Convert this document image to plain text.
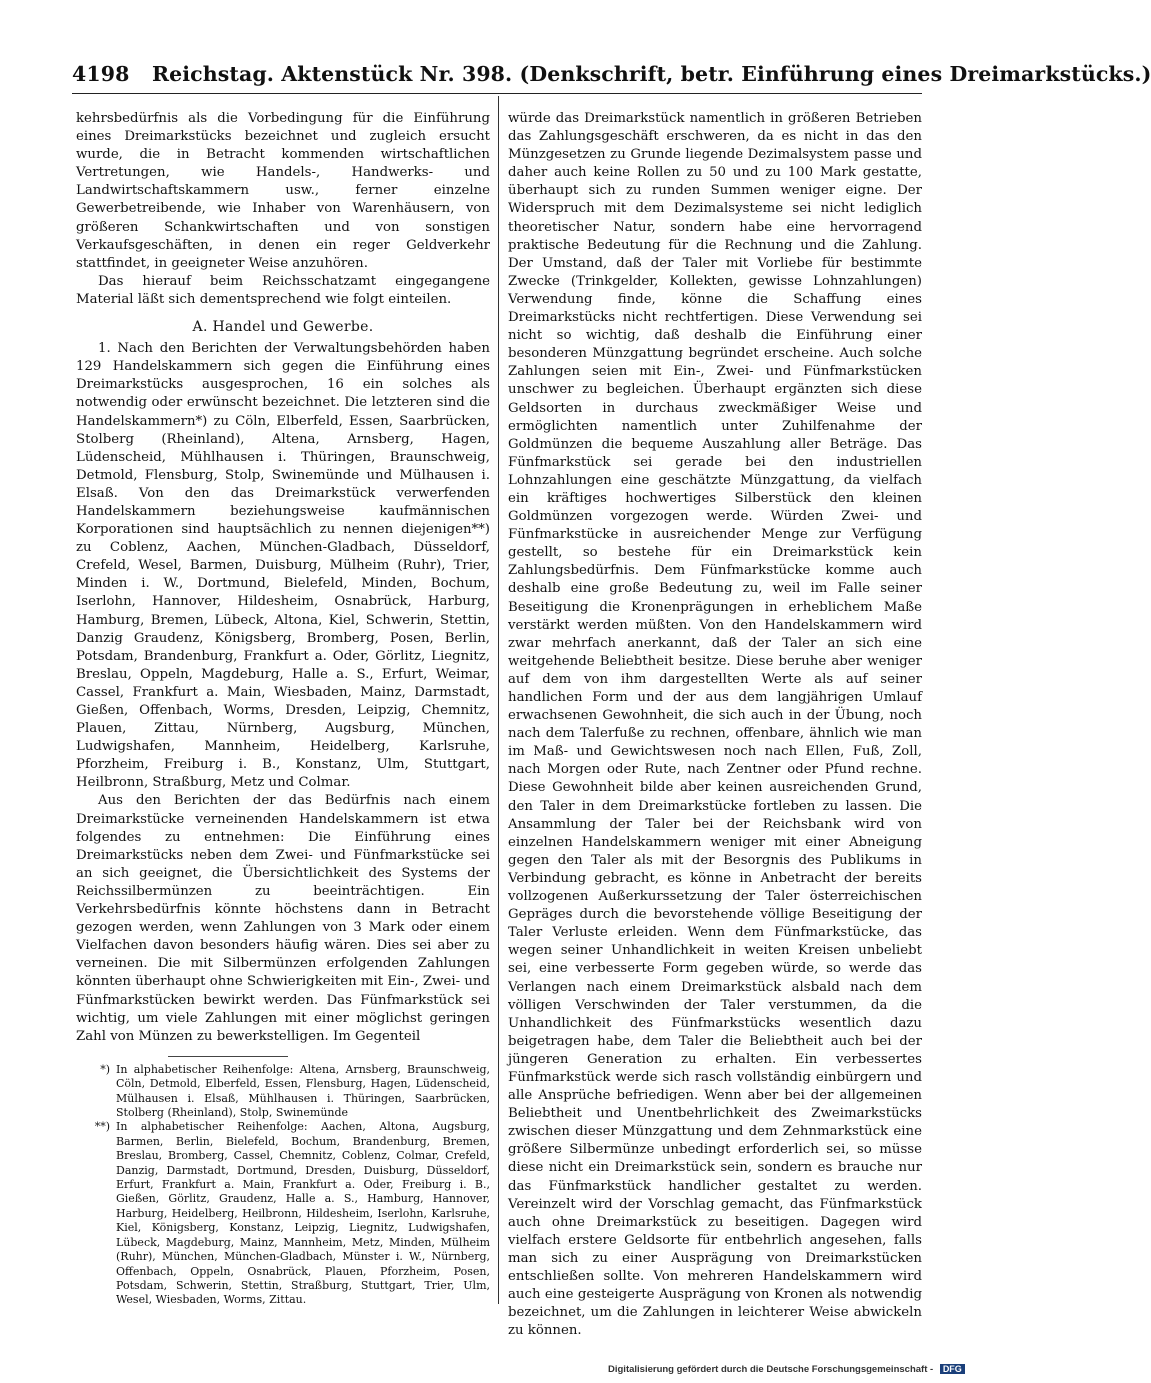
4198 Reichstag. Aktenstück Nr. 398. (Denkschrift, betr. Einführung eines Dreimarkstücks.)

kehrsbedürfnis als die Vorbedingung für die Einführung eines Dreimarkstücks bezeichnet und zugleich ersucht wurde, die in Betracht kommenden wirtschaftlichen Vertretungen, wie Handels-, Handwerks- und Landwirtschaftskammern usw., ferner einzelne Gewerbetreibende, wie Inhaber von Warenhäusern, von größeren Schankwirtschaften und von sonstigen Verkaufsgeschäften, in denen ein reger Geldverkehr stattfindet, in geeigneter Weise anzuhören.

Das hierauf beim Reichsschatzamt eingegangene Material läßt sich dementsprechend wie folgt einteilen.

A. Handel und Gewerbe.

1. Nach den Berichten der Verwaltungsbehörden haben 129 Handelskammern sich gegen die Einführung eines Dreimarkstücks ausgesprochen, 16 ein solches als notwendig oder erwünscht bezeichnet. Die letzteren sind die Handelskammern*) zu Cöln, Elberfeld, Essen, Saarbrücken, Stolberg (Rheinland), Altena, Arnsberg, Hagen, Lüdenscheid, Mühlhausen i. Thüringen, Braunschweig, Detmold, Flensburg, Stolp, Swinemünde und Mülhausen i. Elsaß. Von den das Dreimarkstück verwerfenden Handelskammern beziehungsweise kaufmännischen Korporationen sind hauptsächlich zu nennen diejenigen**) zu Coblenz, Aachen, München-Gladbach, Düsseldorf, Crefeld, Wesel, Barmen, Duisburg, Mülheim (Ruhr), Trier, Minden i. W., Dortmund, Bielefeld, Minden, Bochum, Iserlohn, Hannover, Hildesheim, Osnabrück, Harburg, Hamburg, Bremen, Lübeck, Altona, Kiel, Schwerin, Stettin, Danzig Graudenz, Königsberg, Bromberg, Posen, Berlin, Potsdam, Brandenburg, Frankfurt a. Oder, Görlitz, Liegnitz, Breslau, Oppeln, Magdeburg, Halle a. S., Erfurt, Weimar, Cassel, Frankfurt a. Main, Wiesbaden, Mainz, Darmstadt, Gießen, Offenbach, Worms, Dresden, Leipzig, Chemnitz, Plauen, Zittau, Nürnberg, Augsburg, München, Ludwigshafen, Mannheim, Heidelberg, Karlsruhe, Pforzheim, Freiburg i. B., Konstanz, Ulm, Stuttgart, Heilbronn, Straßburg, Metz und Colmar.

Aus den Berichten der das Bedürfnis nach einem Dreimarkstücke verneinenden Handelskammern ist etwa folgendes zu entnehmen: Die Einführung eines Dreimarkstücks neben dem Zwei- und Fünfmarkstücke sei an sich geeignet, die Übersichtlichkeit des Systems der Reichssilbermünzen zu beeinträchtigen. Ein Verkehrsbedürfnis könnte höchstens dann in Betracht gezogen werden, wenn Zahlungen von 3 Mark oder einem Vielfachen davon besonders häufig wären. Dies sei aber zu verneinen. Die mit Silbermünzen erfolgenden Zahlungen könnten überhaupt ohne Schwierigkeiten mit Ein-, Zwei- und Fünfmarkstücken bewirkt werden. Das Fünfmarkstück sei wichtig, um viele Zahlungen mit einer möglichst geringen Zahl von Münzen zu bewerkstelligen. Im Gegenteil

*) In alphabetischer Reihenfolge: Altena, Arnsberg, Braunschweig, Cöln, Detmold, Elberfeld, Essen, Flensburg, Hagen, Lüdenscheid, Mülhausen i. Elsaß, Mühlhausen i. Thüringen, Saarbrücken, Stolberg (Rheinland), Stolp, Swinemünde
**) In alphabetischer Reihenfolge: Aachen, Altona, Augsburg, Barmen, Berlin, Bielefeld, Bochum, Brandenburg, Bremen, Breslau, Bromberg, Cassel, Chemnitz, Coblenz, Colmar, Crefeld, Danzig, Darmstadt, Dortmund, Dresden, Duisburg, Düsseldorf, Erfurt, Frankfurt a. Main, Frankfurt a. Oder, Freiburg i. B., Gießen, Görlitz, Graudenz, Halle a. S., Hamburg, Hannover, Harburg, Heidelberg, Heilbronn, Hildesheim, Iserlohn, Karlsruhe, Kiel, Königsberg, Konstanz, Leipzig, Liegnitz, Ludwigshafen, Lübeck, Magdeburg, Mainz, Mannheim, Metz, Minden, Mülheim (Ruhr), München, München-Gladbach, Münster i. W., Nürnberg, Offenbach, Oppeln, Osnabrück, Plauen, Pforzheim, Posen, Potsdam, Schwerin, Stettin, Straßburg, Stuttgart, Trier, Ulm, Wesel, Wiesbaden, Worms, Zittau.

würde das Dreimarkstück namentlich in größeren Betrieben das Zahlungsgeschäft erschweren, da es nicht in das den Münzgesetzen zu Grunde liegende Dezimalsystem passe und daher auch keine Rollen zu 50 und zu 100 Mark gestatte, überhaupt sich zu runden Summen weniger eigne. Der Widerspruch mit dem Dezimalsysteme sei nicht lediglich theoretischer Natur, sondern habe eine hervorragend praktische Bedeutung für die Rechnung und die Zahlung. Der Umstand, daß der Taler mit Vorliebe für bestimmte Zwecke (Trinkgelder, Kollekten, gewisse Lohnzahlungen) Verwendung finde, könne die Schaffung eines Dreimarkstücks nicht rechtfertigen. Diese Verwendung sei nicht so wichtig, daß deshalb die Einführung einer besonderen Münzgattung begründet erscheine. Auch solche Zahlungen seien mit Ein-, Zwei- und Fünfmarkstücken unschwer zu begleichen. Überhaupt ergänzten sich diese Geldsorten in durchaus zweckmäßiger Weise und ermöglichten namentlich unter Zuhilfenahme der Goldmünzen die bequeme Auszahlung aller Beträge. Das Fünfmarkstück sei gerade bei den industriellen Lohnzahlungen eine geschätzte Münzgattung, da vielfach ein kräftiges hochwertiges Silberstück den kleinen Goldmünzen vorgezogen werde. Würden Zwei- und Fünfmarkstücke in ausreichender Menge zur Verfügung gestellt, so bestehe für ein Dreimarkstück kein Zahlungsbedürfnis. Dem Fünfmarkstücke komme auch deshalb eine große Bedeutung zu, weil im Falle seiner Beseitigung die Kronenprägungen in erheblichem Maße verstärkt werden müßten. Von den Handelskammern wird zwar mehrfach anerkannt, daß der Taler an sich eine weitgehende Beliebtheit besitze. Diese beruhe aber weniger auf dem von ihm dargestellten Werte als auf seiner handlichen Form und der aus dem langjährigen Umlauf erwachsenen Gewohnheit, die sich auch in der Übung, noch nach dem Talerfuße zu rechnen, offenbare, ähnlich wie man im Maß- und Gewichtswesen noch nach Ellen, Fuß, Zoll, nach Morgen oder Rute, nach Zentner oder Pfund rechne. Diese Gewohnheit bilde aber keinen ausreichenden Grund, den Taler in dem Dreimarkstücke fortleben zu lassen. Die Ansammlung der Taler bei der Reichsbank wird von einzelnen Handelskammern weniger mit einer Abneigung gegen den Taler als mit der Besorgnis des Publikums in Verbindung gebracht, es könne in Anbetracht der bereits vollzogenen Außerkurssetzung der Taler österreichischen Gepräges durch die bevorstehende völlige Beseitigung der Taler Verluste erleiden. Wenn dem Fünfmarkstücke, das wegen seiner Unhandlichkeit in weiten Kreisen unbeliebt sei, eine verbesserte Form gegeben würde, so werde das Verlangen nach einem Dreimarkstück alsbald nach dem völligen Verschwinden der Taler verstummen, da die Unhandlichkeit des Fünfmarkstücks wesentlich dazu beigetragen habe, dem Taler die Beliebtheit auch bei der jüngeren Generation zu erhalten. Ein verbessertes Fünfmarkstück werde sich rasch vollständig einbürgern und alle Ansprüche befriedigen. Wenn aber bei der allgemeinen Beliebtheit und Unentbehrlichkeit des Zweimarkstücks zwischen dieser Münzgattung und dem Zehnmarkstück eine größere Silbermünze unbedingt erforderlich sei, so müsse diese nicht ein Dreimarkstück sein, sondern es brauche nur das Fünfmarkstück handlicher gestaltet zu werden. Vereinzelt wird der Vorschlag gemacht, das Fünfmarkstück auch ohne Dreimarkstück zu beseitigen. Dagegen wird vielfach erstere Geldsorte für entbehrlich angesehen, falls man sich zu einer Ausprägung von Dreimarkstücken entschließen sollte. Von mehreren Handelskammern wird auch eine gesteigerte Ausprägung von Kronen als notwendig bezeichnet, um die Zahlungen in leichterer Weise abwickeln zu können.

Digitalisierung gefördert durch die Deutsche Forschungsgemeinschaft - DFG
